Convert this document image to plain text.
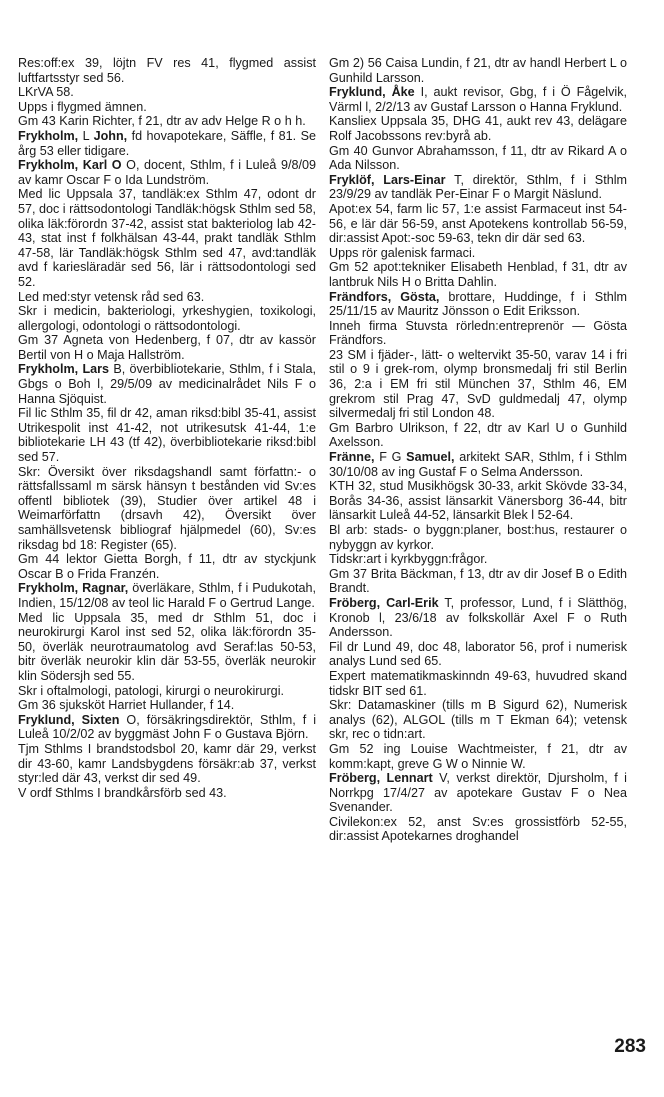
Res:off:ex 39, löjtn FV res 41, flygmed assist luftfartsstyr sed 56.

LKrVA 58.

Upps i flygmed ämnen.

Gm 43 Karin Richter, f 21, dtr av adv Helge R o h h.

Frykholm, L John, fd hovapotekare, Säffle, f 81. Se årg 53 eller tidigare.

Frykholm, Karl O O, docent, Sthlm, f i Luleå 9/8/09 av kamr Oscar F o Ida Lundström.

Med lic Uppsala 37, tandläk:ex Sthlm 47, odont dr 57, doc i rättsodontologi Tandläk:högsk Sthlm sed 58, olika läk:förordn 37-42, assist stat bakteriolog lab 42-43, stat inst f folkhälsan 43-44, prakt tandläk Sthlm 47-58, lär Tandläk:högsk Sthlm sed 47, avd:tandläk avd f kariesläradär sed 56, lär i rättsodontologi sed 52.

Led med:styr vetensk råd sed 63.

Skr i medicin, bakteriologi, yrkeshygien, toxikologi, allergologi, odontologi o rättsodontologi.

Gm 37 Agneta von Hedenberg, f 07, dtr av kassör Bertil von H o Maja Hallström.

Frykholm, Lars B, överbibliotekarie, Sthlm, f i Stala, Gbgs o Boh l, 29/5/09 av medicinalrådet Nils F o Hanna Sjöquist.

Fil lic Sthlm 35, fil dr 42, aman riksd:bibl 35-41, assist Utrikespolit inst 41-42, not utrikesutsk 41-44, 1:e bibliotekarie LH 43 (tf 42), överbibliotekarie riksd:bibl sed 57.

Skr: Översikt över riksdagshandl samt författn:- o rättsfallssaml m särsk hänsyn t bestånden vid Sv:es offentl bibliotek (39), Studier över artikel 48 i Weimarförfattn (drsavh 42), Översikt över samhällsvetensk bibliograf hjälpmedel (60), Sv:es riksdag bd 18: Register (65).

Gm 44 lektor Gietta Borgh, f 11, dtr av styckjunk Oscar B o Frida Franzén.

Frykholm, Ragnar, överläkare, Sthlm, f i Pudukotah, Indien, 15/12/08 av teol lic Harald F o Gertrud Lange.

Med lic Uppsala 35, med dr Sthlm 51, doc i neurokirurgi Karol inst sed 52, olika läk:förordn 35-50, överläk neurotraumatolog avd Seraf:las 50-53, bitr överläk neurokir klin där 53-55, överläk neurokir klin Södersjh sed 55.

Skr i oftalmologi, patologi, kirurgi o neurokirurgi.

Gm 36 sjuksköt Harriet Hullander, f 14.

Fryklund, Sixten O, försäkringsdirektör, Sthlm, f i Luleå 10/2/02 av byggmäst John F o Gustava Björn.

Tjm Sthlms I brandstodsbol 20, kamr där 29, verkst dir 43-60, kamr Landsbygdens försäkr:ab 37, verkst styr:led där 43, verkst dir sed 49.

V ordf Sthlms I brandkårsförb sed 43.

Gm 2) 56 Caisa Lundin, f 21, dtr av handl Herbert L o Gunhild Larsson.

Fryklund, Åke I, aukt revisor, Gbg, f i Ö Fågelvik, Värml l, 2/2/13 av Gustaf Larsson o Hanna Fryklund.

Kansliex Uppsala 35, DHG 41, aukt rev 43, delägare Rolf Jacobssons rev:byrå ab.

Gm 40 Gunvor Abrahamsson, f 11, dtr av Rikard A o Ada Nilsson.

Fryklöf, Lars-Einar T, direktör, Sthlm, f i Sthlm 23/9/29 av tandläk Per-Einar F o Margit Näslund.

Apot:ex 54, farm lic 57, 1:e assist Farmaceut inst 54-56, e lär där 56-59, anst Apotekens kontrollab 56-59, dir:assist Apot:-soc 59-63, tekn dir där sed 63.

Upps rör galenisk farmaci.

Gm 52 apot:tekniker Elisabeth Henblad, f 31, dtr av lantbruk Nils H o Britta Dahlin.

Frändfors, Gösta, brottare, Huddinge, f i Sthlm 25/11/15 av Mauritz Jönsson o Edit Eriksson.

Inneh firma Stuvsta rörledn:entreprenör — Gösta Frändfors.

23 SM i fjäder-, lätt- o weltervikt 35-50, varav 14 i fri stil o 9 i grek-rom, olymp bronsmedalj fri stil Berlin 36, 2:a i EM fri stil München 37, Sthlm 46, EM grekrom stil Prag 47, SvD guldmedalj 47, olymp silvermedalj fri stil London 48.

Gm Barbro Ulrikson, f 22, dtr av Karl U o Gunhild Axelsson.

Fränne, F G Samuel, arkitekt SAR, Sthlm, f i Sthlm 30/10/08 av ing Gustaf F o Selma Andersson.

KTH 32, stud Musikhögsk 30-33, arkit Skövde 33-34, Borås 34-36, assist länsarkit Vänersborg 36-44, bitr länsarkit Luleå 44-52, länsarkit Blek l 52-64.

Bl arb: stads- o byggn:planer, bost:hus, restaurer o nybyggn av kyrkor.

Tidskr:art i kyrkbyggn:frågor.

Gm 37 Brita Bäckman, f 13, dtr av dir Josef B o Edith Brandt.

Fröberg, Carl-Erik T, professor, Lund, f i Slätthög, Kronob l, 23/6/18 av folkskollär Axel F o Ruth Andersson.

Fil dr Lund 49, doc 48, laborator 56, prof i numerisk analys Lund sed 65.

Expert matematikmaskinndn 49-63, huvudred skand tidskr BIT sed 61.

Skr: Datamaskiner (tills m B Sigurd 62), Numerisk analys (62), ALGOL (tills m T Ekman 64); vetensk skr, rec o tidn:art.

Gm 52 ing Louise Wachtmeister, f 21, dtr av komm:kapt, greve G W o Ninnie W.

Fröberg, Lennart V, verkst direktör, Djursholm, f i Norrkpg 17/4/27 av apotekare Gustav F o Nea Svenander.

Civilekon:ex 52, anst Sv:es grossistförb 52-55, dir:assist Apotekarnes droghandel

283
